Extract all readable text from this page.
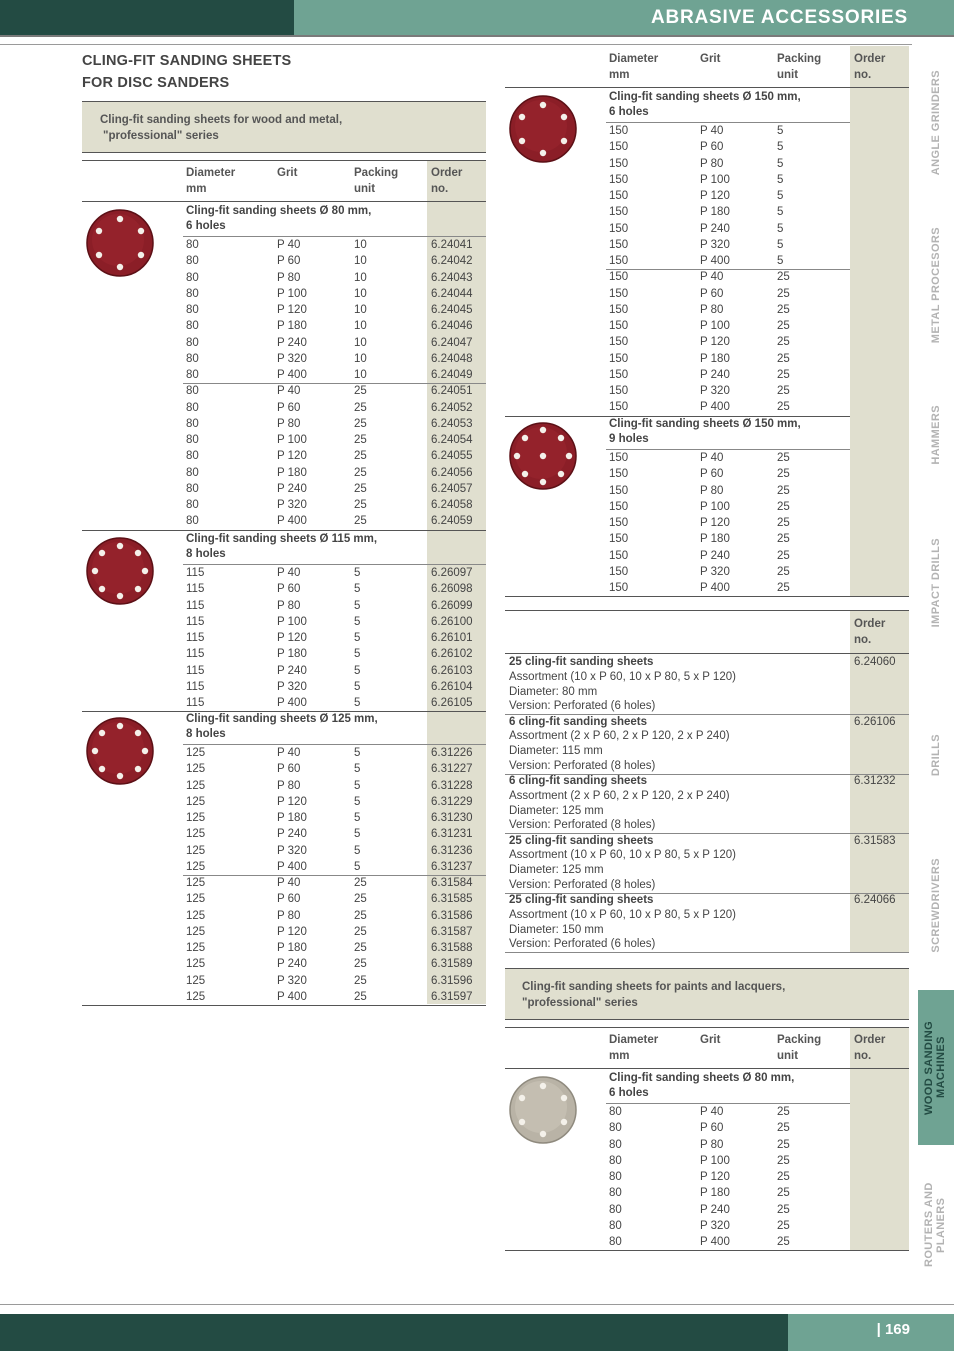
ABRASIVE ACCESSORIES
| 169
CLING-FIT SANDING SHEETS
FOR DISC SANDERS
Cling-fit sanding sheets for wood and metal,
"professional" series
Diameter
mm
Grit	Packing
unit
Order
no.
Cling-fit sanding sheets Ø 80 mm,
6 holes
80	P 40	10	6.24041
80	P 60	10	6.24042
80	P 80	10	6.24043
80	P 100	10	6.24044
80	P 120	10	6.24045
80	P 180	10	6.24046
80	P 240	10	6.24047
80	P 320	10	6.24048
80	P 400	10	6.24049
80	P 40	25	6.24051
80	P 60	25	6.24052
80	P 80	25	6.24053
80	P 100	25	6.24054
80	P 120	25	6.24055
80	P 180	25	6.24056
80	P 240	25	6.24057
80	P 320	25	6.24058
80	P 400	25	6.24059
Cling-fit sanding sheets Ø 115 mm,
8 holes
115	P 40	5	6.26097
115	P 60	5	6.26098
115	P 80	5	6.26099
115	P 100	5	6.26100
115	P 120	5	6.26101
115	P 180	5	6.26102
115	P 240	5	6.26103
115	P 320	5	6.26104
115	P 400	5	6.26105
Cling-fit sanding sheets Ø 125 mm,
8 holes
125	P 40	5	6.31226
125	P 60	5	6.31227
125	P 80	5	6.31228
125	P 120	5	6.31229
125	P 180	5	6.31230
125	P 240	5	6.31231
125	P 320	5	6.31236
125	P 400	5	6.31237
125	P 40	25	6.31584
125	P 60	25	6.31585
125	P 80	25	6.31586
125	P 120	25	6.31587
125	P 180	25	6.31588
125	P 240	25	6.31589
125	P 320	25	6.31596
125	P 400	25	6.31597
Cling-fit sanding sheets Ø 150 mm,
6 holes
150	P 40	5
150	P 60	5
150	P 80	5
150	P 100	5
150	P 120	5
150	P 180	5
150	P 240	5
150	P 320	5
150	P 400	5
150	P 40	25
150	P 60	25
150	P 80	25
150	P 100	25
150	P 120	25
150	P 180	25
150	P 240	25
150	P 320	25
150	P 400	25
Cling-fit sanding sheets Ø 150 mm,
9 holes
150	P 40	25
150	P 60	25
150	P 80	25
150	P 100	25
150	P 120	25
150	P 180	25
150	P 240	25
150	P 320	25
150	P 400	25
Cling-fit sanding sheets Ø 80 mm,
6 holes
80	P 40	25
80	P 60	25
80	P 80	25
80	P 100	25
80	P 120	25
80	P 180	25
80	P 240	25
80	P 320	25
80	P 400	25
Diameter
mm
Grit	Packing
unit
Order
no.
Order
no.
25 cling-fit sanding sheets
Assortment (10 x P 60, 10 x P 80, 5 x P 120)
Diameter: 80 mm
Version: Perforated (6 holes)
6.24060
6 cling-fit sanding sheets
Assortment (2 x P 60, 2 x P 120, 2 x P 240)
Diameter: 115 mm
Version: Perforated (8 holes)
6.26106
6 cling-fit sanding sheets
Assortment (2 x P 60, 2 x P 120, 2 x P 240)
Diameter: 125 mm
Version: Perforated (8 holes)
6.31232
25 cling-fit sanding sheets
Assortment (10 x P 60, 10 x P 80, 5 x P 120)
Diameter: 125 mm
Version: Perforated (8 holes)
6.31583
25 cling-fit sanding sheets
Assortment (10 x P 60, 10 x P 80, 5 x P 120)
Diameter: 150 mm
Version: Perforated (6 holes)
6.24066
Cling-fit sanding sheets for paints and lacquers,
"professional" series
Diameter
mm
Grit	Packing
unit
Order
no.
ANGLE GRINDERS
METAL PROCESORS
HAMMERS
IMPACT DRILLS
DRILLS
SCREWDRIVERS
WOOD SANDING MACHINES
ROUTERS AND PLANERS
